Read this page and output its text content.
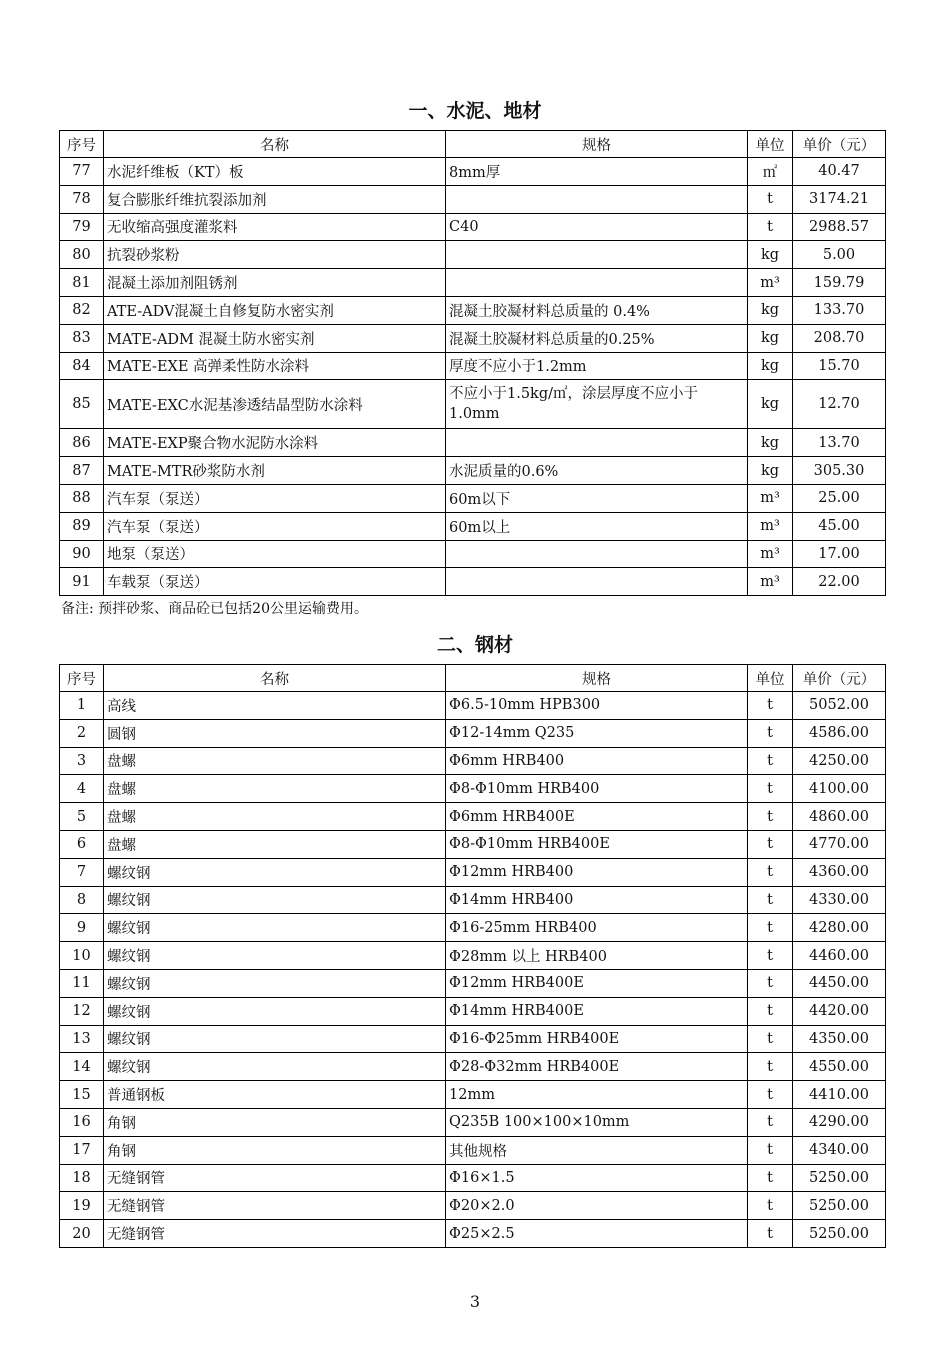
一、水泥、地材
序号	名称	规格	单位	单价（元）
77	水泥纤维板（KT）板	8mm厚	㎡	40.47
78	复合膨胀纤维抗裂添加剂		t	3174.21
79	无收缩高强度灌浆料	C40	t	2988.57
80	抗裂砂浆粉		kg	5.00
81	混凝土添加剂阻锈剂		m³	159.79
82	ATE-ADV混凝土自修复防水密实剂	混凝土胶凝材料总质量的 0.4%	kg	133.70
83	MATE-ADM 混凝土防水密实剂	混凝土胶凝材料总质量的0.25%	kg	208.70
84	MATE-EXE 高弹柔性防水涂料	厚度不应小于1.2mm	kg	15.70
85	MATE-EXC水泥基渗透结晶型防水涂料	不应小于1.5kg/㎡，涂层厚度不应小于1.0mm	kg	12.70
86	MATE-EXP聚合物水泥防水涂料		kg	13.70
87	MATE-MTR砂浆防水剂	水泥质量的0.6%	kg	305.30
88	汽车泵（泵送）	60m以下	m³	25.00
89	汽车泵（泵送）	60m以上	m³	45.00
90	地泵（泵送）		m³	17.00
91	车载泵（泵送）		m³	22.00
备注: 预拌砂浆、商品砼已包括20公里运输费用。
二、钢材
序号	名称	规格	单位	单价（元）
1	高线	Φ6.5-10mm HPB300	t	5052.00
2	圆钢	Φ12-14mm Q235	t	4586.00
3	盘螺	Φ6mm HRB400	t	4250.00
4	盘螺	Φ8-Φ10mm HRB400	t	4100.00
5	盘螺	Φ6mm HRB400E	t	4860.00
6	盘螺	Φ8-Φ10mm HRB400E	t	4770.00
7	螺纹钢	Φ12mm HRB400	t	4360.00
8	螺纹钢	Φ14mm HRB400	t	4330.00
9	螺纹钢	Φ16-25mm HRB400	t	4280.00
10	螺纹钢	Φ28mm 以上 HRB400	t	4460.00
11	螺纹钢	Φ12mm HRB400E	t	4450.00
12	螺纹钢	Φ14mm HRB400E	t	4420.00
13	螺纹钢	Φ16-Φ25mm HRB400E	t	4350.00
14	螺纹钢	Φ28-Φ32mm HRB400E	t	4550.00
15	普通钢板	12mm	t	4410.00
16	角钢	Q235B 100×100×10mm	t	4290.00
17	角钢	其他规格	t	4340.00
18	无缝钢管	Φ16×1.5	t	5250.00
19	无缝钢管	Φ20×2.0	t	5250.00
20	无缝钢管	Φ25×2.5	t	5250.00
3
